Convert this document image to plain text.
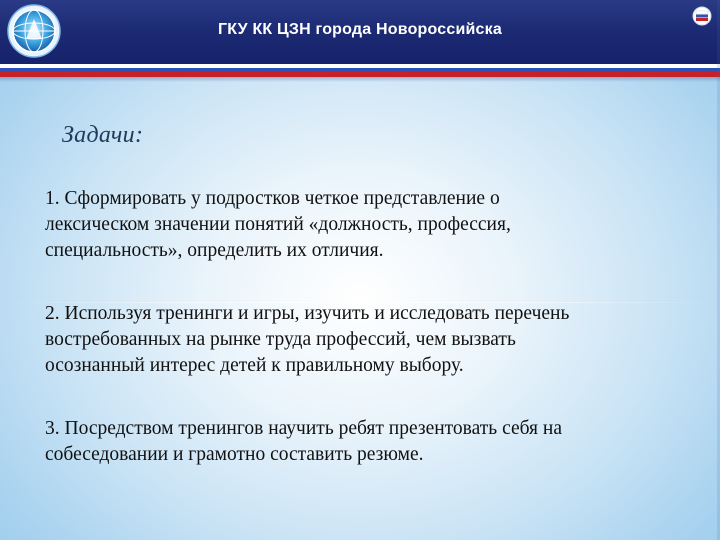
ГКУ КК ЦЗН города Новороссийска
Задачи:
1. Сформировать у подростков четкое представление о
лексическом значении понятий «должность, профессия,
специальность», определить их отличия.
2. Используя тренинги и игры, изучить и исследовать перечень
востребованных на рынке труда профессий, чем вызвать
осознанный интерес детей к правильному выбору.
3. Посредством тренингов научить ребят презентовать себя на
собеседовании и грамотно составить резюме.
